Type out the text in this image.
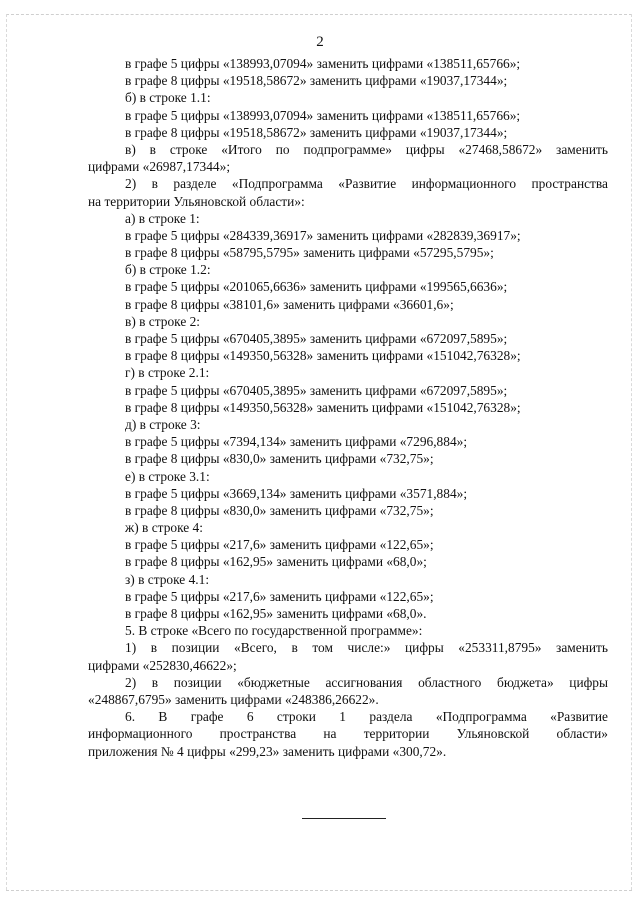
2
в графе 5 цифры «138993,07094» заменить цифрами «138511,65766»;
в графе 8 цифры «19518,58672» заменить цифрами «19037,17344»;
б) в строке 1.1:
в графе 5 цифры «138993,07094» заменить цифрами «138511,65766»;
в графе 8 цифры «19518,58672» заменить цифрами «19037,17344»;
в) в строке «Итого по подпрограмме» цифры «27468,58672» заменить
цифрами «26987,17344»;
2) в разделе «Подпрограмма «Развитие информационного пространства
на территории Ульяновской области»:
а) в строке 1:
в графе 5 цифры «284339,36917» заменить цифрами «282839,36917»;
в графе 8 цифры «58795,5795» заменить цифрами «57295,5795»;
б) в строке 1.2:
в графе 5 цифры «201065,6636» заменить цифрами «199565,6636»;
в графе 8 цифры «38101,6» заменить цифрами «36601,6»;
в) в строке 2:
в графе 5 цифры «670405,3895» заменить цифрами «672097,5895»;
в графе 8 цифры «149350,56328» заменить цифрами «151042,76328»;
г) в строке 2.1:
в графе 5 цифры «670405,3895» заменить цифрами «672097,5895»;
в графе 8 цифры «149350,56328» заменить цифрами «151042,76328»;
д) в строке 3:
в графе 5 цифры «7394,134» заменить цифрами «7296,884»;
в графе 8 цифры «830,0» заменить цифрами «732,75»;
е) в строке 3.1:
в графе 5 цифры «3669,134» заменить цифрами «3571,884»;
в графе 8 цифры «830,0» заменить цифрами «732,75»;
ж) в строке 4:
в графе 5 цифры «217,6» заменить цифрами «122,65»;
в графе 8 цифры «162,95» заменить цифрами «68,0»;
з) в строке 4.1:
в графе 5 цифры «217,6» заменить цифрами «122,65»;
в графе 8 цифры «162,95» заменить цифрами «68,0».
5. В строке «Всего по государственной программе»:
1) в позиции «Всего, в том числе:» цифры «253311,8795» заменить
цифрами «252830,46622»;
2) в позиции «бюджетные ассигнования областного бюджета» цифры
«248867,6795» заменить цифрами «248386,26622».
6. В графе 6 строки 1 раздела «Подпрограмма «Развитие
информационного пространства на территории Ульяновской области»
приложения № 4 цифры «299,23» заменить цифрами «300,72».
